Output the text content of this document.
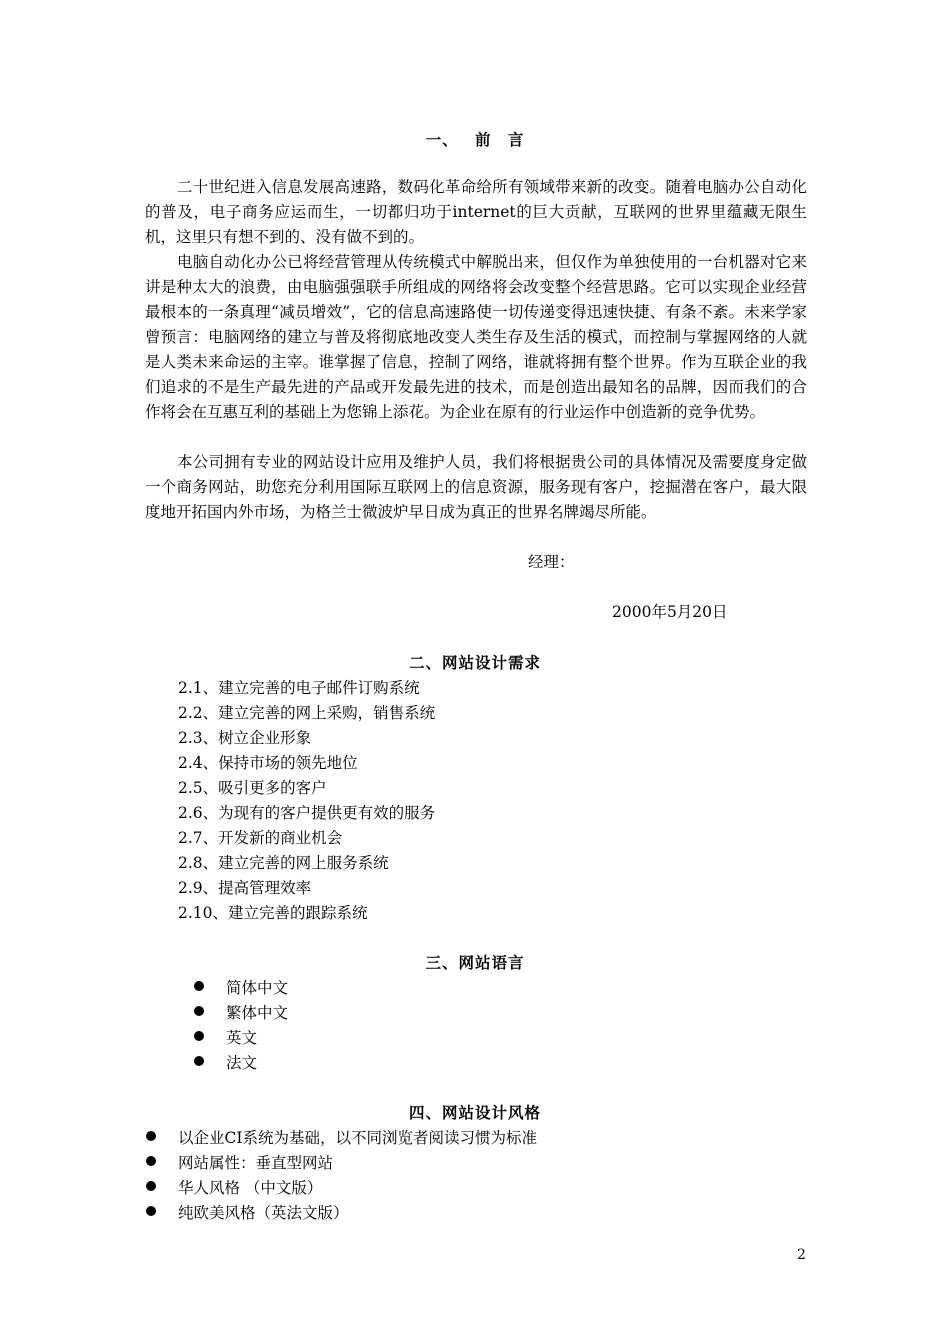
一、 前 言

二十世纪进入信息发展高速路，数码化革命给所有领域带来新的改变。随着电脑办公自动化的普及，电子商务应运而生，一切都归功于internet的巨大贡献，互联网的世界里蕴藏无限生机，这里只有想不到的、没有做不到的。

电脑自动化办公已将经营管理从传统模式中解脱出来，但仅作为单独使用的一台机器对它来讲是种太大的浪费，由电脑强强联手所组成的网络将会改变整个经营思路。它可以实现企业经营最根本的一条真理“减员增效”，它的信息高速路使一切传递变得迅速快捷、有条不紊。未来学家曾预言：电脑网络的建立与普及将彻底地改变人类生存及生活的模式，而控制与掌握网络的人就是人类未来命运的主宰。谁掌握了信息，控制了网络，谁就将拥有整个世界。作为互联企业的我们追求的不是生产最先进的产品或开发最先进的技术，而是创造出最知名的品牌，因而我们的合作将会在互惠互利的基础上为您锦上添花。为企业在原有的行业运作中创造新的竞争优势。

本公司拥有专业的网站设计应用及维护人员，我们将根据贵公司的具体情况及需要度身定做一个商务网站，助您充分利用国际互联网上的信息资源，服务现有客户，挖掘潜在客户，最大限度地开拓国内外市场，为格兰士微波炉早日成为真正的世界名牌竭尽所能。

经理：
2000年5月20日
二、网站设计需求
2.1、建立完善的电子邮件订购系统
2.2、建立完善的网上采购，销售系统
2.3、树立企业形象
2.4、保持市场的领先地位
2.5、吸引更多的客户
2.6、为现有的客户提供更有效的服务
2.7、开发新的商业机会
2.8、建立完善的网上服务系统
2.9、提高管理效率
2.10、建立完善的跟踪系统
三、网站语言
简体中文
繁体中文
英文
法文
四、网站设计风格
以企业CI系统为基础，以不同浏览者阅读习惯为标准
网站属性：垂直型网站
华人风格 （中文版）
纯欧美风格（英法文版）
2
